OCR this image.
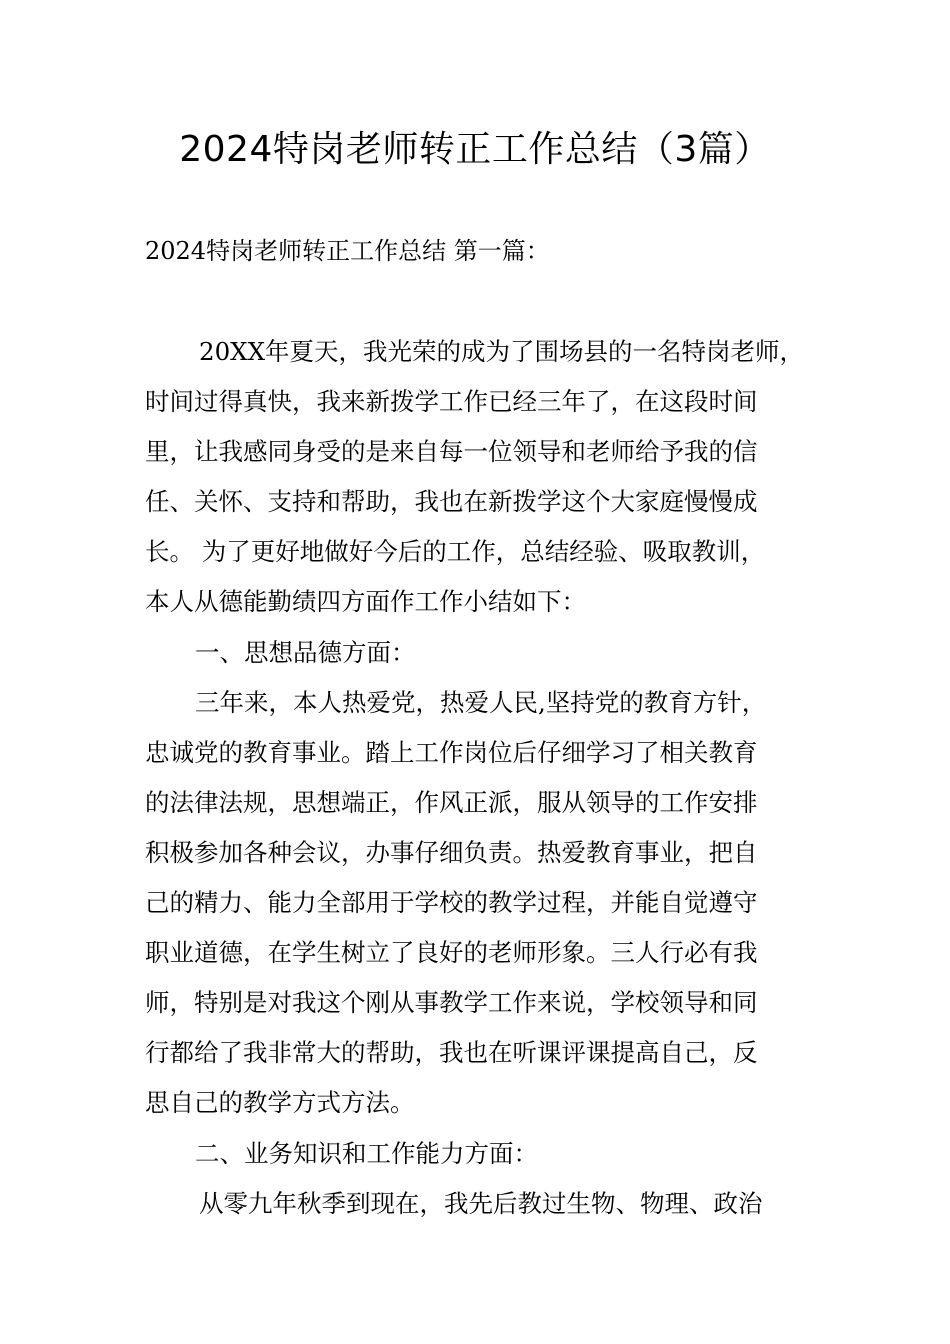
2024特岗老师转正工作总结（3篇）
2024特岗老师转正工作总结 第一篇：
20XX年夏天，我光荣的成为了围场县的一名特岗老师，
时间过得真快，我来新拨学工作已经三年了，在这段时间
里，让我感同身受的是来自每一位领导和老师给予我的信
任、关怀、支持和帮助，我也在新拨学这个大家庭慢慢成
长。 为了更好地做好今后的工作，总结经验、吸取教训，
本人从德能勤绩四方面作工作小结如下：
一、思想品德方面：
三年来，本人热爱党，热爱人民,坚持党的教育方针，
忠诚党的教育事业。踏上工作岗位后仔细学习了相关教育
的法律法规，思想端正，作风正派，服从领导的工作安排
积极参加各种会议，办事仔细负责。热爱教育事业，把自
己的精力、能力全部用于学校的教学过程，并能自觉遵守
职业道德，在学生树立了良好的老师形象。三人行必有我
师，特别是对我这个刚从事教学工作来说，学校领导和同
行都给了我非常大的帮助，我也在听课评课提高自己，反
思自己的教学方式方法。
二、业务知识和工作能力方面：
从零九年秋季到现在，我先后教过生物、物理、政治
